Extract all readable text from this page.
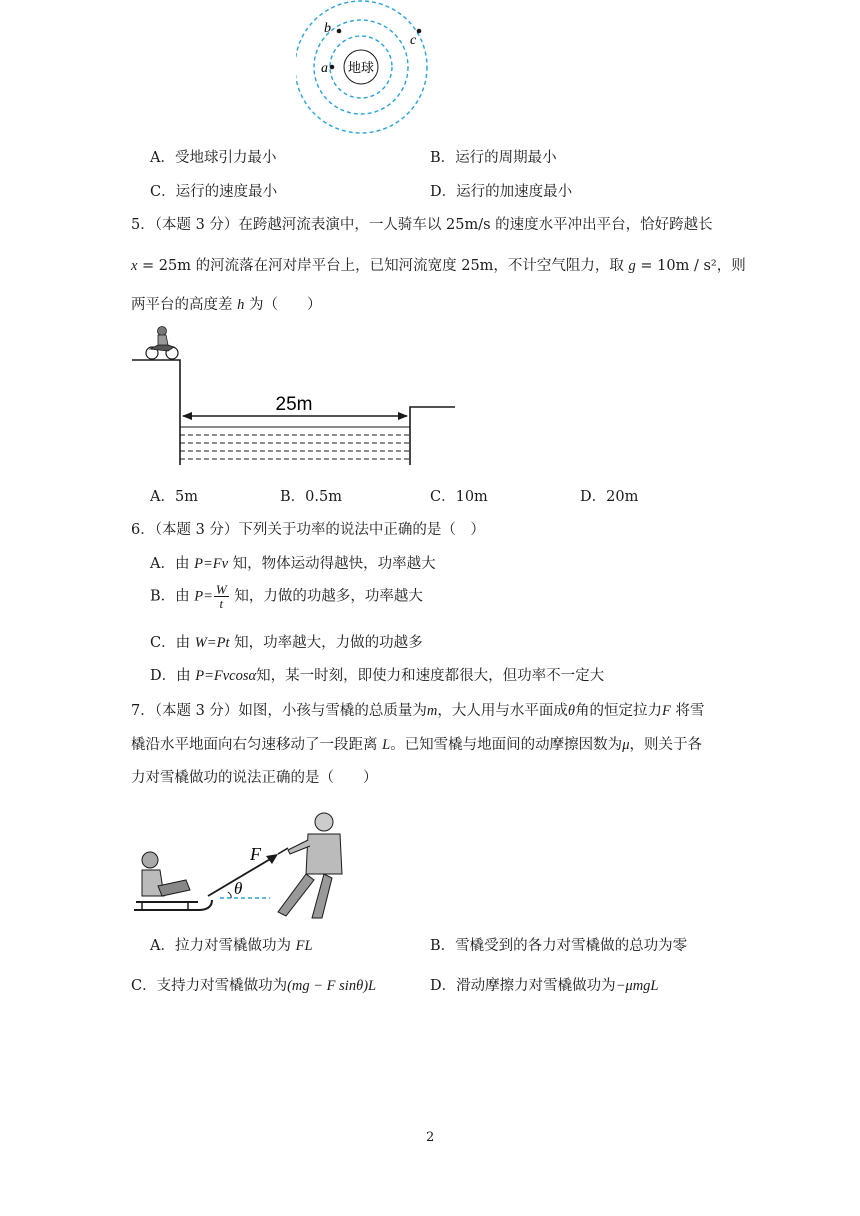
地球
a
b
c
A．受地球引力最小	B．运行的周期最小
C．运行的速度最小	D．运行的加速度最小
5．（本题 3 分）在跨越河流表演中，一人骑车以 25m/s 的速度水平冲出平台，恰好跨越长
x = 25m 的河流落在河对岸平台上，已知河流宽度 25m，不计空气阻力，取 g = 10m / s²，则
两平台的高度差 h 为（　　）
25m
A．5m	B．0.5m	C．10m	D．20m
6．（本题 3 分）下列关于功率的说法中正确的是（　）
A．由 P=Fv 知，物体运动得越快，功率越大
B．由 $P= \frac{W}{t}$ 知，力做的功越多，功率越大
C．由 W=Pt 知，功率越大，力做的功越多
D．由 P=Fvcosα知，某一时刻，即使力和速度都很大，但功率不一定大
7．（本题 3 分）如图，小孩与雪橇的总质量为m，大人用与水平面成θ角的恒定拉力F 将雪
橇沿水平地面向右匀速移动了一段距离 L。已知雪橇与地面间的动摩擦因数为μ，则关于各
力对雪橇做功的说法正确的是（　　）
F
θ
A．拉力对雪橇做功为 FL	B．雪橇受到的各力对雪橇做的总功为零
C．支持力对雪橇做功为(mg − F sinθ)L	D．滑动摩擦力对雪橇做功为−μmgL
2
